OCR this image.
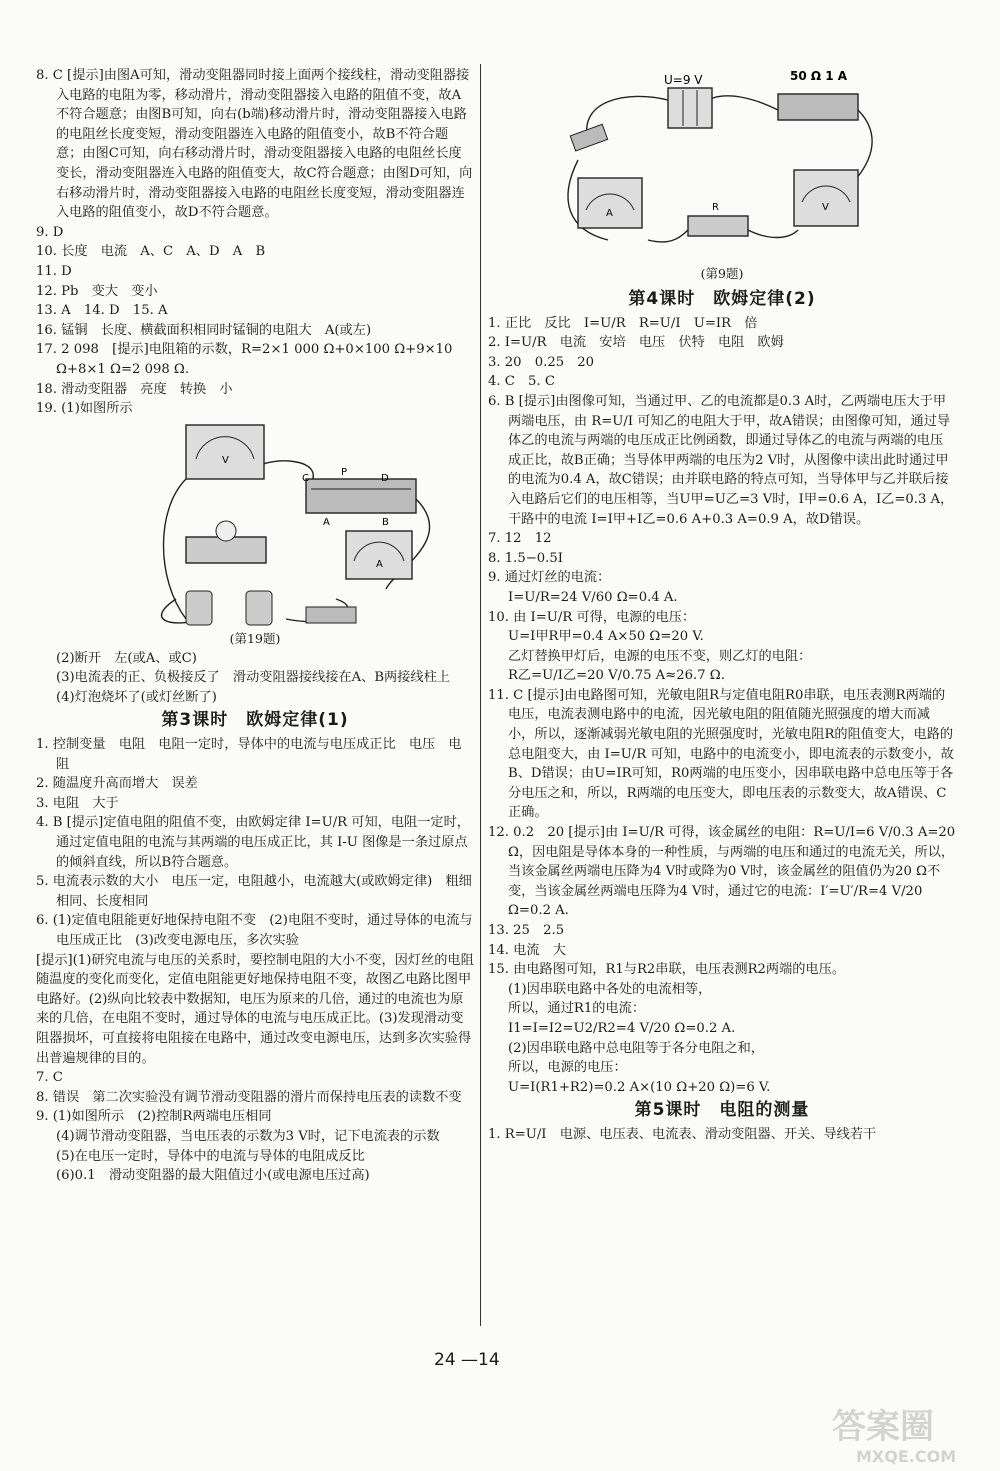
8. C [提示]由图A可知，滑动变阻器同时接上面两个接线柱，滑动变阻器接入电路的电阻为零，移动滑片，滑动变阻器接入电路的阻值不变，故A不符合题意；由图B可知，向右(b端)移动滑片时，滑动变阻器接入电路的电阻丝长度变短，滑动变阻器连入电路的阻值变小，故B不符合题意；由图C可知，向右移动滑片时，滑动变阻器接入电路的电阻丝长度变长，滑动变阻器连入电路的阻值变大，故C符合题意；由图D可知，向右移动滑片时，滑动变阻器接入电路的电阻丝长度变短，滑动变阻器连入电路的阻值变小，故D不符合题意。

9. D

10. 长度　电流　A、C　A、D　A　B

11. D

12. Pb　变大　变小

13. A　14. D　15. A

16. 锰铜　长度、横截面积相同时锰铜的电阻大　A(或左)

17. 2 098　[提示]电阻箱的示数，R=2×1 000 Ω+0×100 Ω+9×10 Ω+8×1 Ω=2 098 Ω.

18. 滑动变阻器　亮度　转换　小

19. (1)如图所示

V
C
P
D
A	B
A

(第19题)

(2)断开　左(或A、或C)

(3)电流表的正、负极接反了　滑动变阻器接线接在A、B两接线柱上

(4)灯泡烧坏了(或灯丝断了)

第3课时　欧姆定律(1)

1. 控制变量　电阻　电阻一定时，导体中的电流与电压成正比　电压　电阻

2. 随温度升高而增大　误差

3. 电阻　大于

4. B [提示]定值电阻的阻值不变，由欧姆定律 I=U/R 可知，电阻一定时，通过定值电阻的电流与其两端的电压成正比，其 I-U 图像是一条过原点的倾斜直线，所以B符合题意。

5. 电流表示数的大小　电压一定，电阻越小，电流越大(或欧姆定律)　粗细相同、长度相同

6. (1)定值电阻能更好地保持电阻不变　(2)电阻不变时，通过导体的电流与电压成正比　(3)改变电源电压，多次实验

[提示](1)研究电流与电压的关系时，要控制电阻的大小不变，因灯丝的电阻随温度的变化而变化，定值电阻能更好地保持电阻不变，故图乙电路比图甲电路好。(2)纵向比较表中数据知，电压为原来的几倍，通过的电流也为原来的几倍，在电阻不变时，通过导体的电流与电压成正比。(3)发现滑动变阻器损坏，可直接将电阻接在电路中，通过改变电源电压，达到多次实验得出普遍规律的目的。

7. C

8. 错误　第二次实验没有调节滑动变阻器的滑片而保持电压表的读数不变

9. (1)如图所示　(2)控制R两端电压相同

(4)调节滑动变阻器，当电压表的示数为3 V时，记下电流表的示数

(5)在电压一定时，导体中的电流与导体的电阻成反比

(6)0.1　滑动变阻器的最大阻值过小(或电源电压过高)

U=9 V	50 Ω 1 A
A
R	V

(第9题)

第4课时　欧姆定律(2)

1. 正比　反比　I=U/R　R=U/I　U=IR　倍

2. I=U/R　电流　安培　电压　伏特　电阻　欧姆

3. 20　0.25　20

4. C　5. C

6. B [提示]由图像可知，当通过甲、乙的电流都是0.3 A时，乙两端电压大于甲两端电压，由 R=U/I 可知乙的电阻大于甲，故A错误；由图像可知，通过导体乙的电流与两端的电压成正比例函数，即通过导体乙的电流与两端的电压成正比，故B正确；当导体甲两端的电压为2 V时，从图像中读出此时通过甲的电流为0.4 A，故C错误；由并联电路的特点可知，当导体甲与乙并联后接入电路后它们的电压相等，当U甲=U乙=3 V时，I甲=0.6 A，I乙=0.3 A，干路中的电流 I=I甲+I乙=0.6 A+0.3 A=0.9 A，故D错误。

7. 12　12

8. 1.5−0.5I

9. 通过灯丝的电流：

I=U/R=24 V/60 Ω=0.4 A.

10. 由 I=U/R 可得，电源的电压：

U=I甲R甲=0.4 A×50 Ω=20 V.

乙灯替换甲灯后，电源的电压不变，则乙灯的电阻：

R乙=U/I乙=20 V/0.75 A≈26.7 Ω.

11. C [提示]由电路图可知，光敏电阻R与定值电阻R0串联，电压表测R两端的电压，电流表测电路中的电流，因光敏电阻的阻值随光照强度的增大而减小，所以，逐渐减弱光敏电阻的光照强度时，光敏电阻R的阻值变大，电路的总电阻变大，由 I=U/R 可知，电路中的电流变小，即电流表的示数变小，故B、D错误；由U=IR可知，R0两端的电压变小，因串联电路中总电压等于各分电压之和，所以，R两端的电压变大，即电压表的示数变大，故A错误、C正确。

12. 0.2　20 [提示]由 I=U/R 可得，该金属丝的电阻：R=U/I=6 V/0.3 A=20 Ω，因电阻是导体本身的一种性质，与两端的电压和通过的电流无关，所以，当该金属丝两端电压降为4 V时或降为0 V时，该金属丝的阻值仍为20 Ω不变，当该金属丝两端电压降为4 V时，通过它的电流：I′=U′/R=4 V/20 Ω=0.2 A.

13. 25　2.5

14. 电流　大

15. 由电路图可知，R1与R2串联，电压表测R2两端的电压。

(1)因串联电路中各处的电流相等，

所以，通过R1的电流：

I1=I=I2=U2/R2=4 V/20 Ω=0.2 A.

(2)因串联电路中总电阻等于各分电阻之和，

所以，电源的电压：

U=I(R1+R2)=0.2 A×(10 Ω+20 Ω)=6 V.

第5课时　电阻的测量

1. R=U/I　电源、电压表、电流表、滑动变阻器、开关、导线若干

24 —14
答案圈
MXQE.COM
